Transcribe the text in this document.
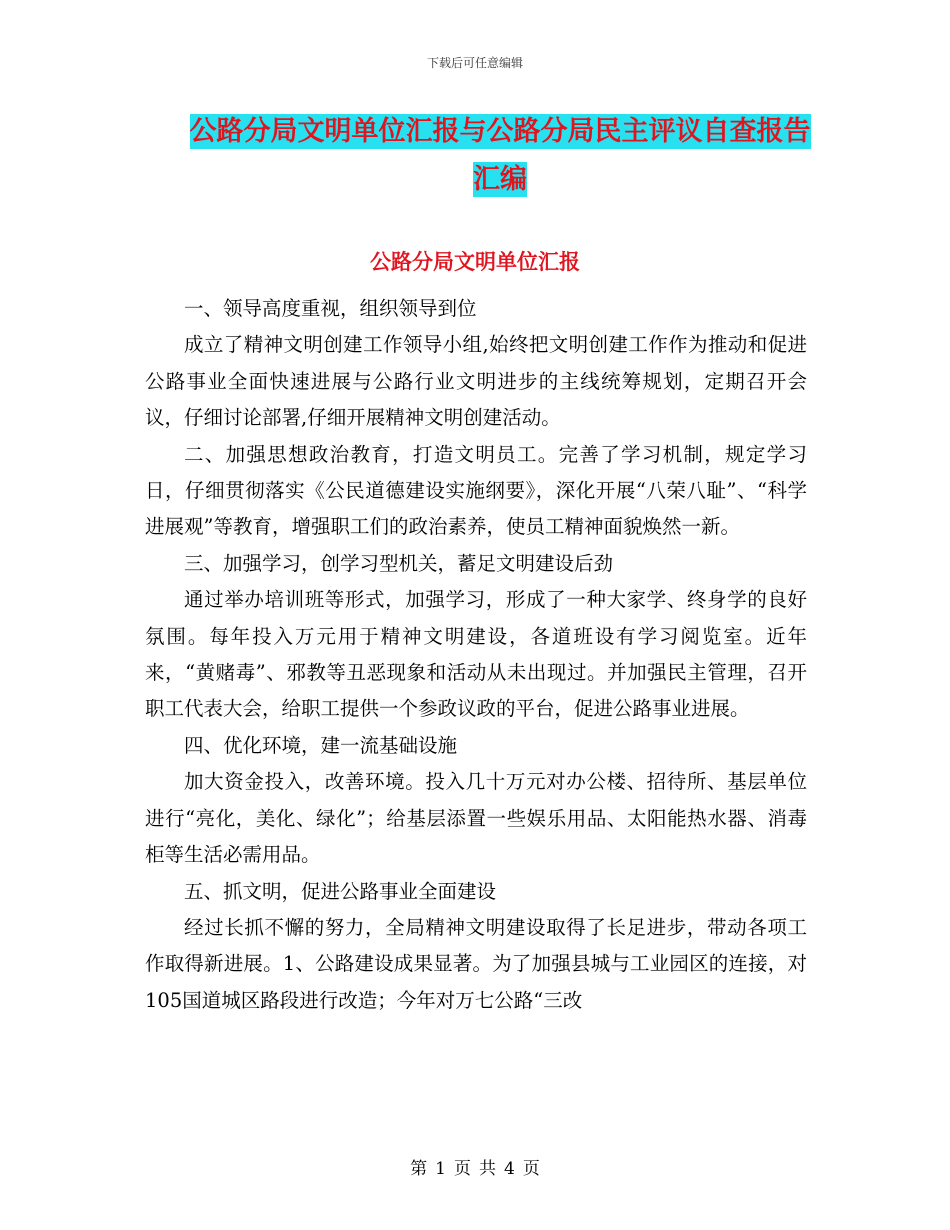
下载后可任意编辑
公路分局文明单位汇报与公路分局民主评议自查报告
汇编
公路分局文明单位汇报

一、领导高度重视，组织领导到位

成立了精神文明创建工作领导小组,始终把文明创建工作作为推动和促进公路事业全面快速进展与公路行业文明进步的主线统筹规划，定期召开会议，仔细讨论部署,仔细开展精神文明创建活动。

二、加强思想政治教育，打造文明员工。完善了学习机制，规定学习日，仔细贯彻落实《公民道德建设实施纲要》，深化开展“八荣八耻”、“科学进展观”等教育，增强职工们的政治素养，使员工精神面貌焕然一新。

三、加强学习，创学习型机关，蓄足文明建设后劲

通过举办培训班等形式，加强学习，形成了一种大家学、终身学的良好氛围。每年投入万元用于精神文明建设，各道班设有学习阅览室。近年来，“黄赌毒”、邪教等丑恶现象和活动从未出现过。并加强民主管理，召开职工代表大会，给职工提供一个参政议政的平台，促进公路事业进展。

四、优化环境，建一流基础设施

加大资金投入，改善环境。投入几十万元对办公楼、招待所、基层单位进行“亮化，美化、绿化”；给基层添置一些娱乐用品、太阳能热水器、消毒柜等生活必需用品。

五、抓文明，促进公路事业全面建设

经过长抓不懈的努力，全局精神文明建设取得了长足进步，带动各项工作取得新进展。1、公路建设成果显著。为了加强县城与工业园区的连接，对105国道城区路段进行改造；今年对万七公路“三改

第 1 页 共 4 页
